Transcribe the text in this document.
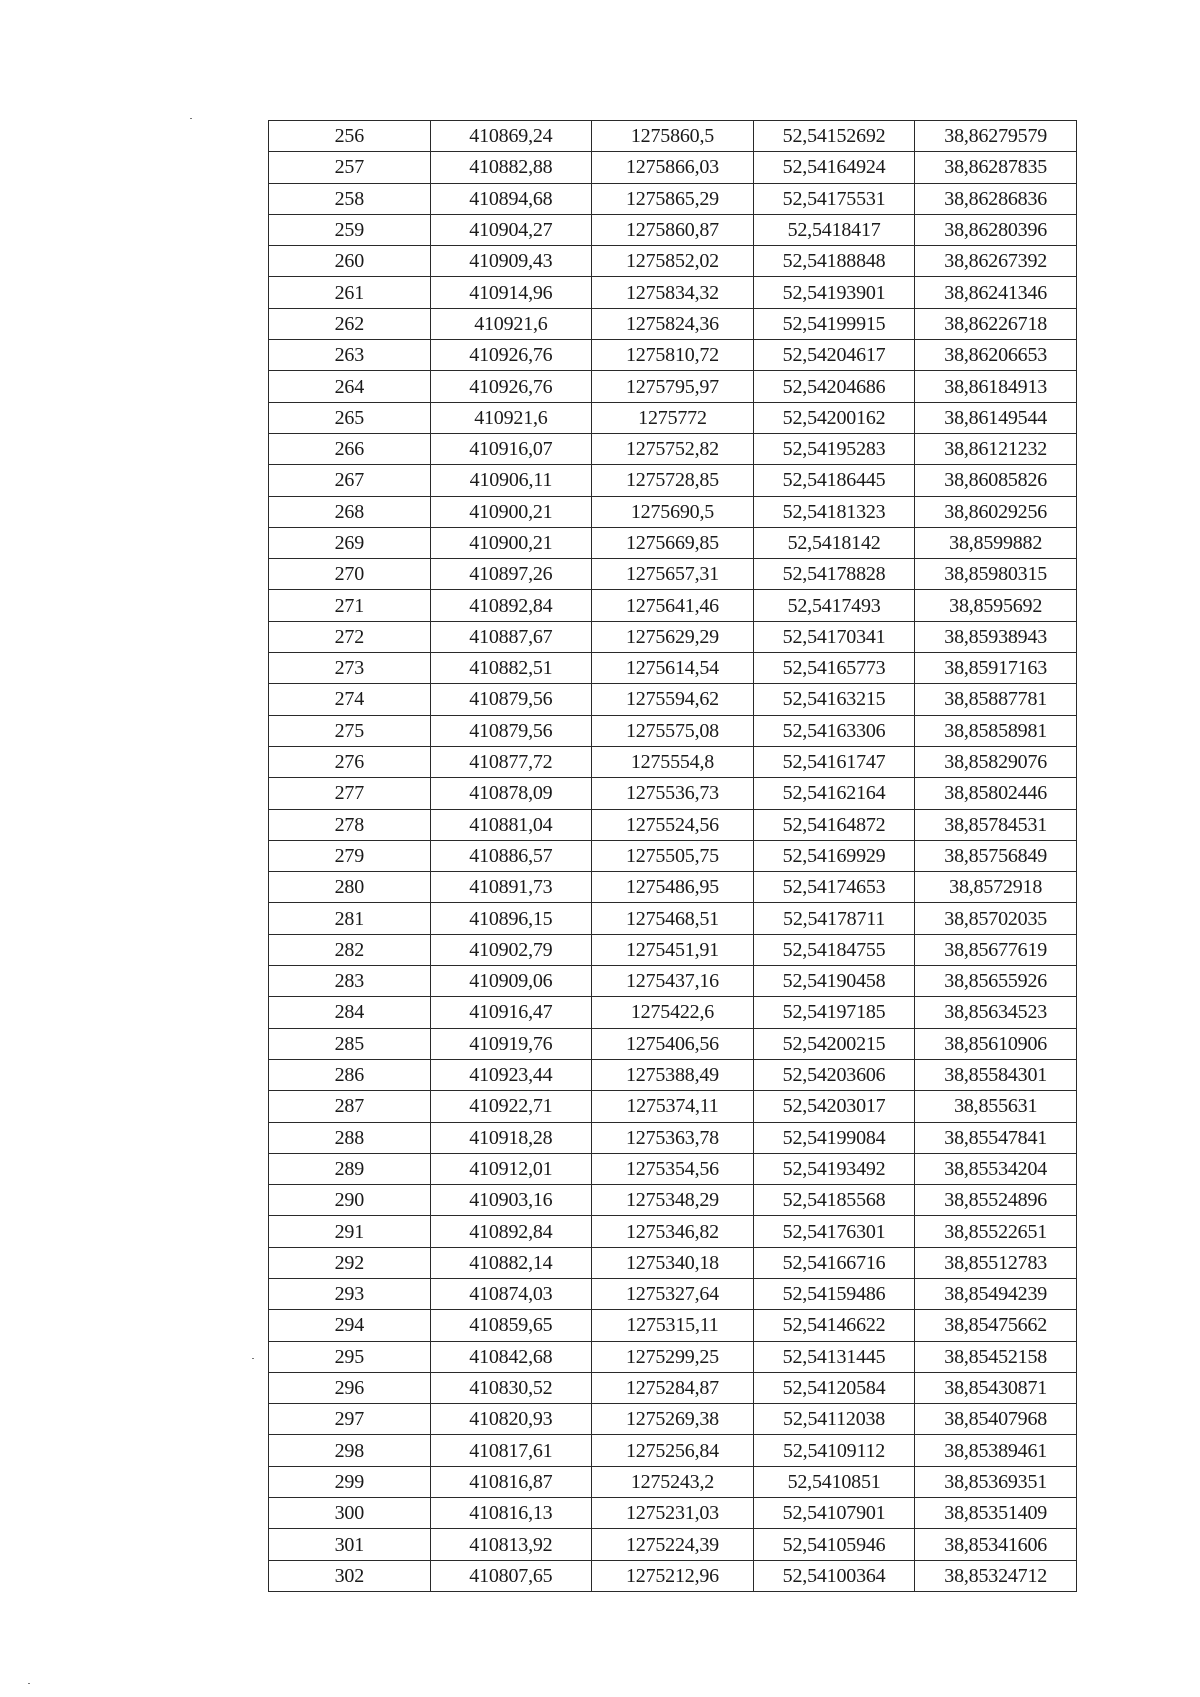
256	410869,24	1275860,5	52,54152692	38,86279579
257	410882,88	1275866,03	52,54164924	38,86287835
258	410894,68	1275865,29	52,54175531	38,86286836
259	410904,27	1275860,87	52,5418417	38,86280396
260	410909,43	1275852,02	52,54188848	38,86267392
261	410914,96	1275834,32	52,54193901	38,86241346
262	410921,6	1275824,36	52,54199915	38,86226718
263	410926,76	1275810,72	52,54204617	38,86206653
264	410926,76	1275795,97	52,54204686	38,86184913
265	410921,6	1275772	52,54200162	38,86149544
266	410916,07	1275752,82	52,54195283	38,86121232
267	410906,11	1275728,85	52,54186445	38,86085826
268	410900,21	1275690,5	52,54181323	38,86029256
269	410900,21	1275669,85	52,5418142	38,8599882
270	410897,26	1275657,31	52,54178828	38,85980315
271	410892,84	1275641,46	52,5417493	38,8595692
272	410887,67	1275629,29	52,54170341	38,85938943
273	410882,51	1275614,54	52,54165773	38,85917163
274	410879,56	1275594,62	52,54163215	38,85887781
275	410879,56	1275575,08	52,54163306	38,85858981
276	410877,72	1275554,8	52,54161747	38,85829076
277	410878,09	1275536,73	52,54162164	38,85802446
278	410881,04	1275524,56	52,54164872	38,85784531
279	410886,57	1275505,75	52,54169929	38,85756849
280	410891,73	1275486,95	52,54174653	38,8572918
281	410896,15	1275468,51	52,54178711	38,85702035
282	410902,79	1275451,91	52,54184755	38,85677619
283	410909,06	1275437,16	52,54190458	38,85655926
284	410916,47	1275422,6	52,54197185	38,85634523
285	410919,76	1275406,56	52,54200215	38,85610906
286	410923,44	1275388,49	52,54203606	38,85584301
287	410922,71	1275374,11	52,54203017	38,855631
288	410918,28	1275363,78	52,54199084	38,85547841
289	410912,01	1275354,56	52,54193492	38,85534204
290	410903,16	1275348,29	52,54185568	38,85524896
291	410892,84	1275346,82	52,54176301	38,85522651
292	410882,14	1275340,18	52,54166716	38,85512783
293	410874,03	1275327,64	52,54159486	38,85494239
294	410859,65	1275315,11	52,54146622	38,85475662
295	410842,68	1275299,25	52,54131445	38,85452158
296	410830,52	1275284,87	52,54120584	38,85430871
297	410820,93	1275269,38	52,54112038	38,85407968
298	410817,61	1275256,84	52,54109112	38,85389461
299	410816,87	1275243,2	52,5410851	38,85369351
300	410816,13	1275231,03	52,54107901	38,85351409
301	410813,92	1275224,39	52,54105946	38,85341606
302	410807,65	1275212,96	52,54100364	38,85324712
